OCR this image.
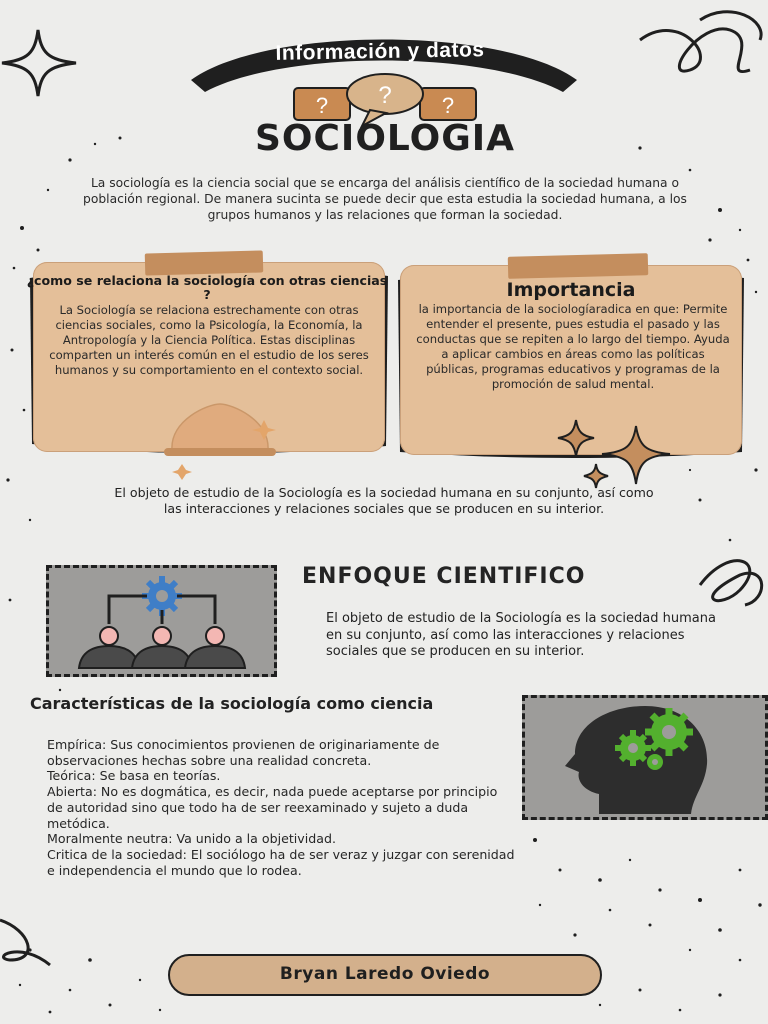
Información y datos
?	?
?
SOCIOLOGIA
La sociología es la ciencia social que se encarga del análisis científico de la sociedad humana o población regional. De manera sucinta se puede decir que esta estudia la sociedad humana, a los grupos humanos y las relaciones que forman la sociedad.
¿como se relaciona la sociología con otras ciencias ?
La Sociología se relaciona estrechamente con otras ciencias sociales, como la Psicología, la Economía, la Antropología y la Ciencia Política. Estas disciplinas comparten un interés común en el estudio de los seres humanos y su comportamiento en el contexto social.
Importancia
la importancia de la sociologíaradica en que: Permite entender el presente, pues estudia el pasado y las conductas que se repiten a lo largo del tiempo. Ayuda a aplicar cambios en áreas como las políticas públicas, programas educativos y programas de la promoción de salud mental.
El objeto de estudio de la Sociología es la sociedad humana en su conjunto, así como las interacciones y relaciones sociales que se producen en su interior.
ENFOQUE CIENTIFICO
El objeto de estudio de la Sociología es la sociedad humana en su conjunto, así como las interacciones y relaciones sociales que se producen en su interior.
Características de la sociología como ciencia
Empírica: Sus conocimientos provienen de originariamente de observaciones hechas sobre una realidad concreta.
Teórica: Se basa en teorías.
Abierta: No es dogmática, es decir, nada puede aceptarse por principio de autoridad sino que todo ha de ser reexaminado y sujeto a duda metódica.
Moralmente neutra: Va unido a la objetividad.
Critica de la sociedad: El sociólogo ha de ser veraz y juzgar con serenidad e independencia el mundo que lo rodea.
Bryan Laredo Oviedo
